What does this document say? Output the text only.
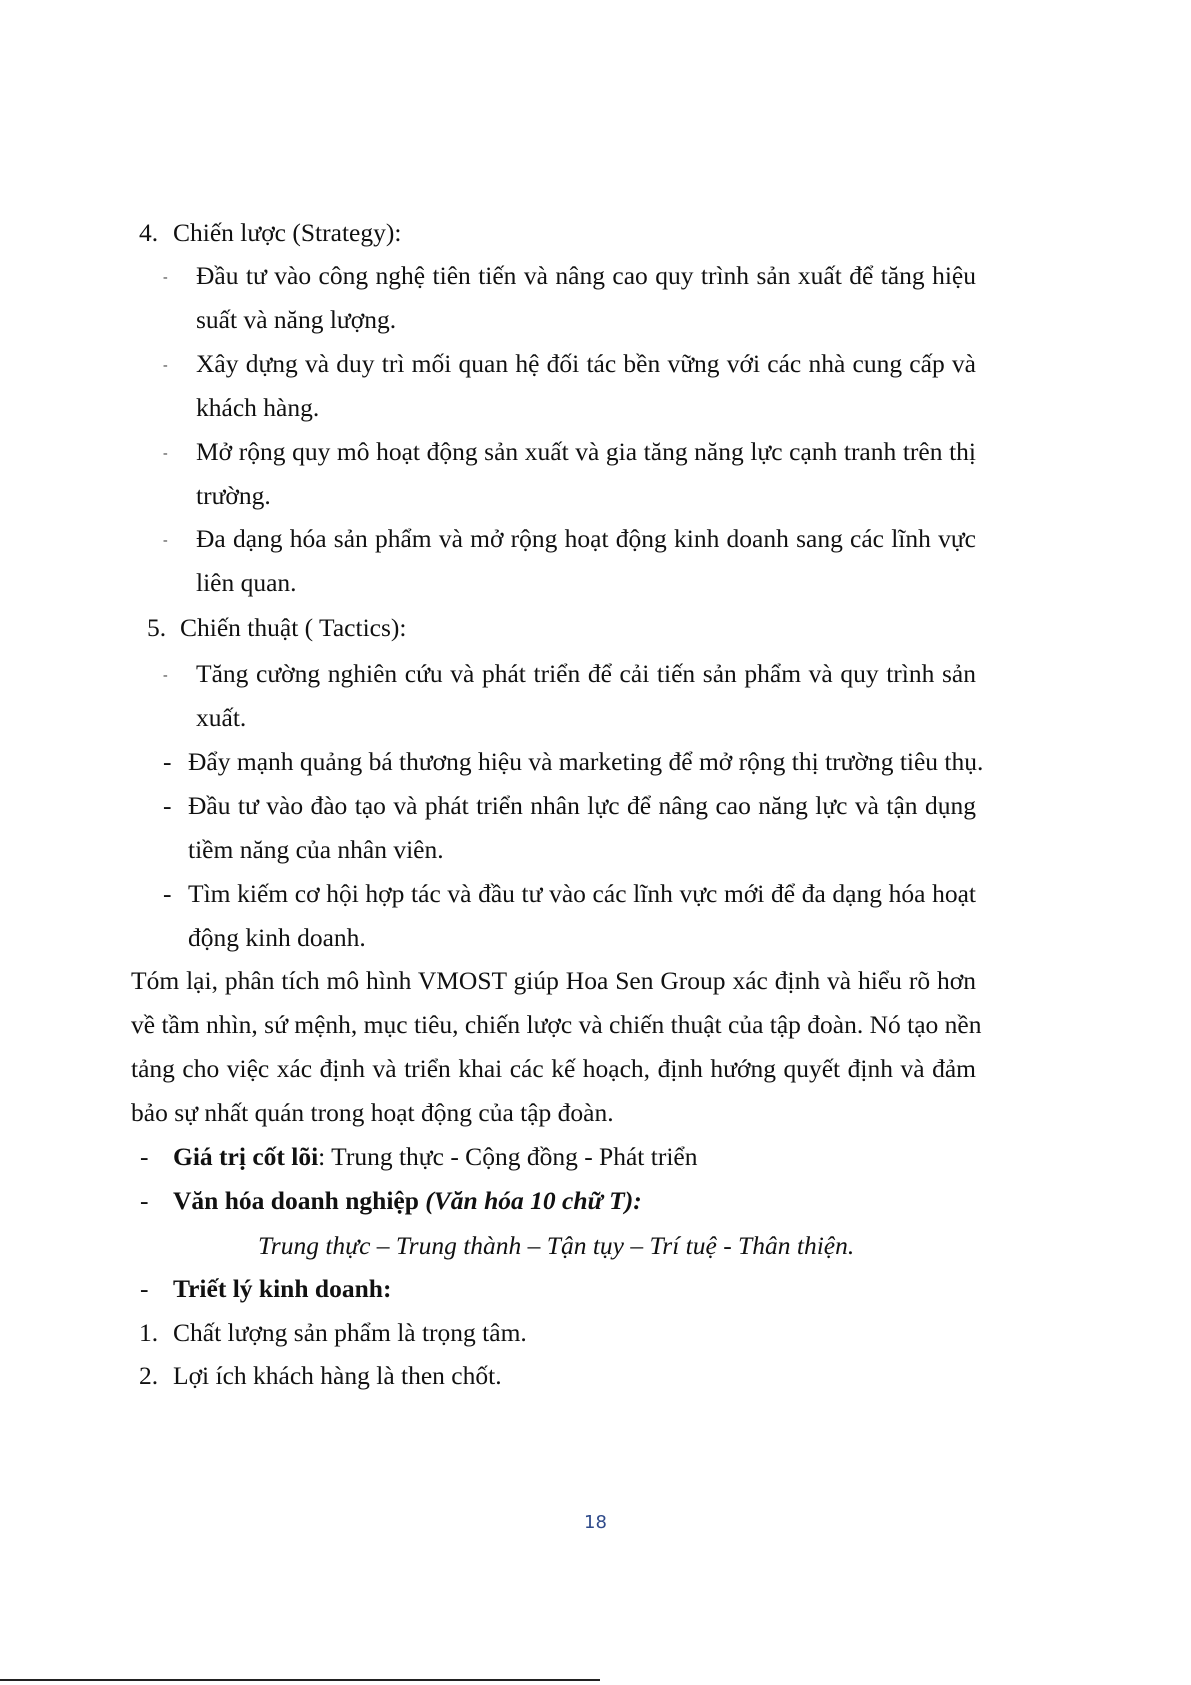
4. Chiến lược (Strategy):
- Đầu tư vào công nghệ tiên tiến và nâng cao quy trình sản xuất để tăng hiệu
suất và năng lượng.
- Xây dựng và duy trì mối quan hệ đối tác bền vững với các nhà cung cấp và
khách hàng.
- Mở rộng quy mô hoạt động sản xuất và gia tăng năng lực cạnh tranh trên thị
trường.
- Đa dạng hóa sản phẩm và mở rộng hoạt động kinh doanh sang các lĩnh vực
liên quan.
5. Chiến thuật ( Tactics):
- Tăng cường nghiên cứu và phát triển để cải tiến sản phẩm và quy trình sản
xuất.
- Đẩy mạnh quảng bá thương hiệu và marketing để mở rộng thị trường tiêu thụ.
- Đầu tư vào đào tạo và phát triển nhân lực để nâng cao năng lực và tận dụng
tiềm năng của nhân viên.
- Tìm kiếm cơ hội hợp tác và đầu tư vào các lĩnh vực mới để đa dạng hóa hoạt
động kinh doanh.
Tóm lại, phân tích mô hình VMOST giúp Hoa Sen Group xác định và hiểu rõ hơn
về tầm nhìn, sứ mệnh, mục tiêu, chiến lược và chiến thuật của tập đoàn. Nó tạo nền
tảng cho việc xác định và triển khai các kế hoạch, định hướng quyết định và đảm
bảo sự nhất quán trong hoạt động của tập đoàn.
- Giá trị cốt lõi: Trung thực - Cộng đồng - Phát triển
- Văn hóa doanh nghiệp (Văn hóa 10 chữ T):
Trung thực – Trung thành – Tận tụy – Trí tuệ - Thân thiện.
- Triết lý kinh doanh:
1. Chất lượng sản phẩm là trọng tâm.
2. Lợi ích khách hàng là then chốt.
18
